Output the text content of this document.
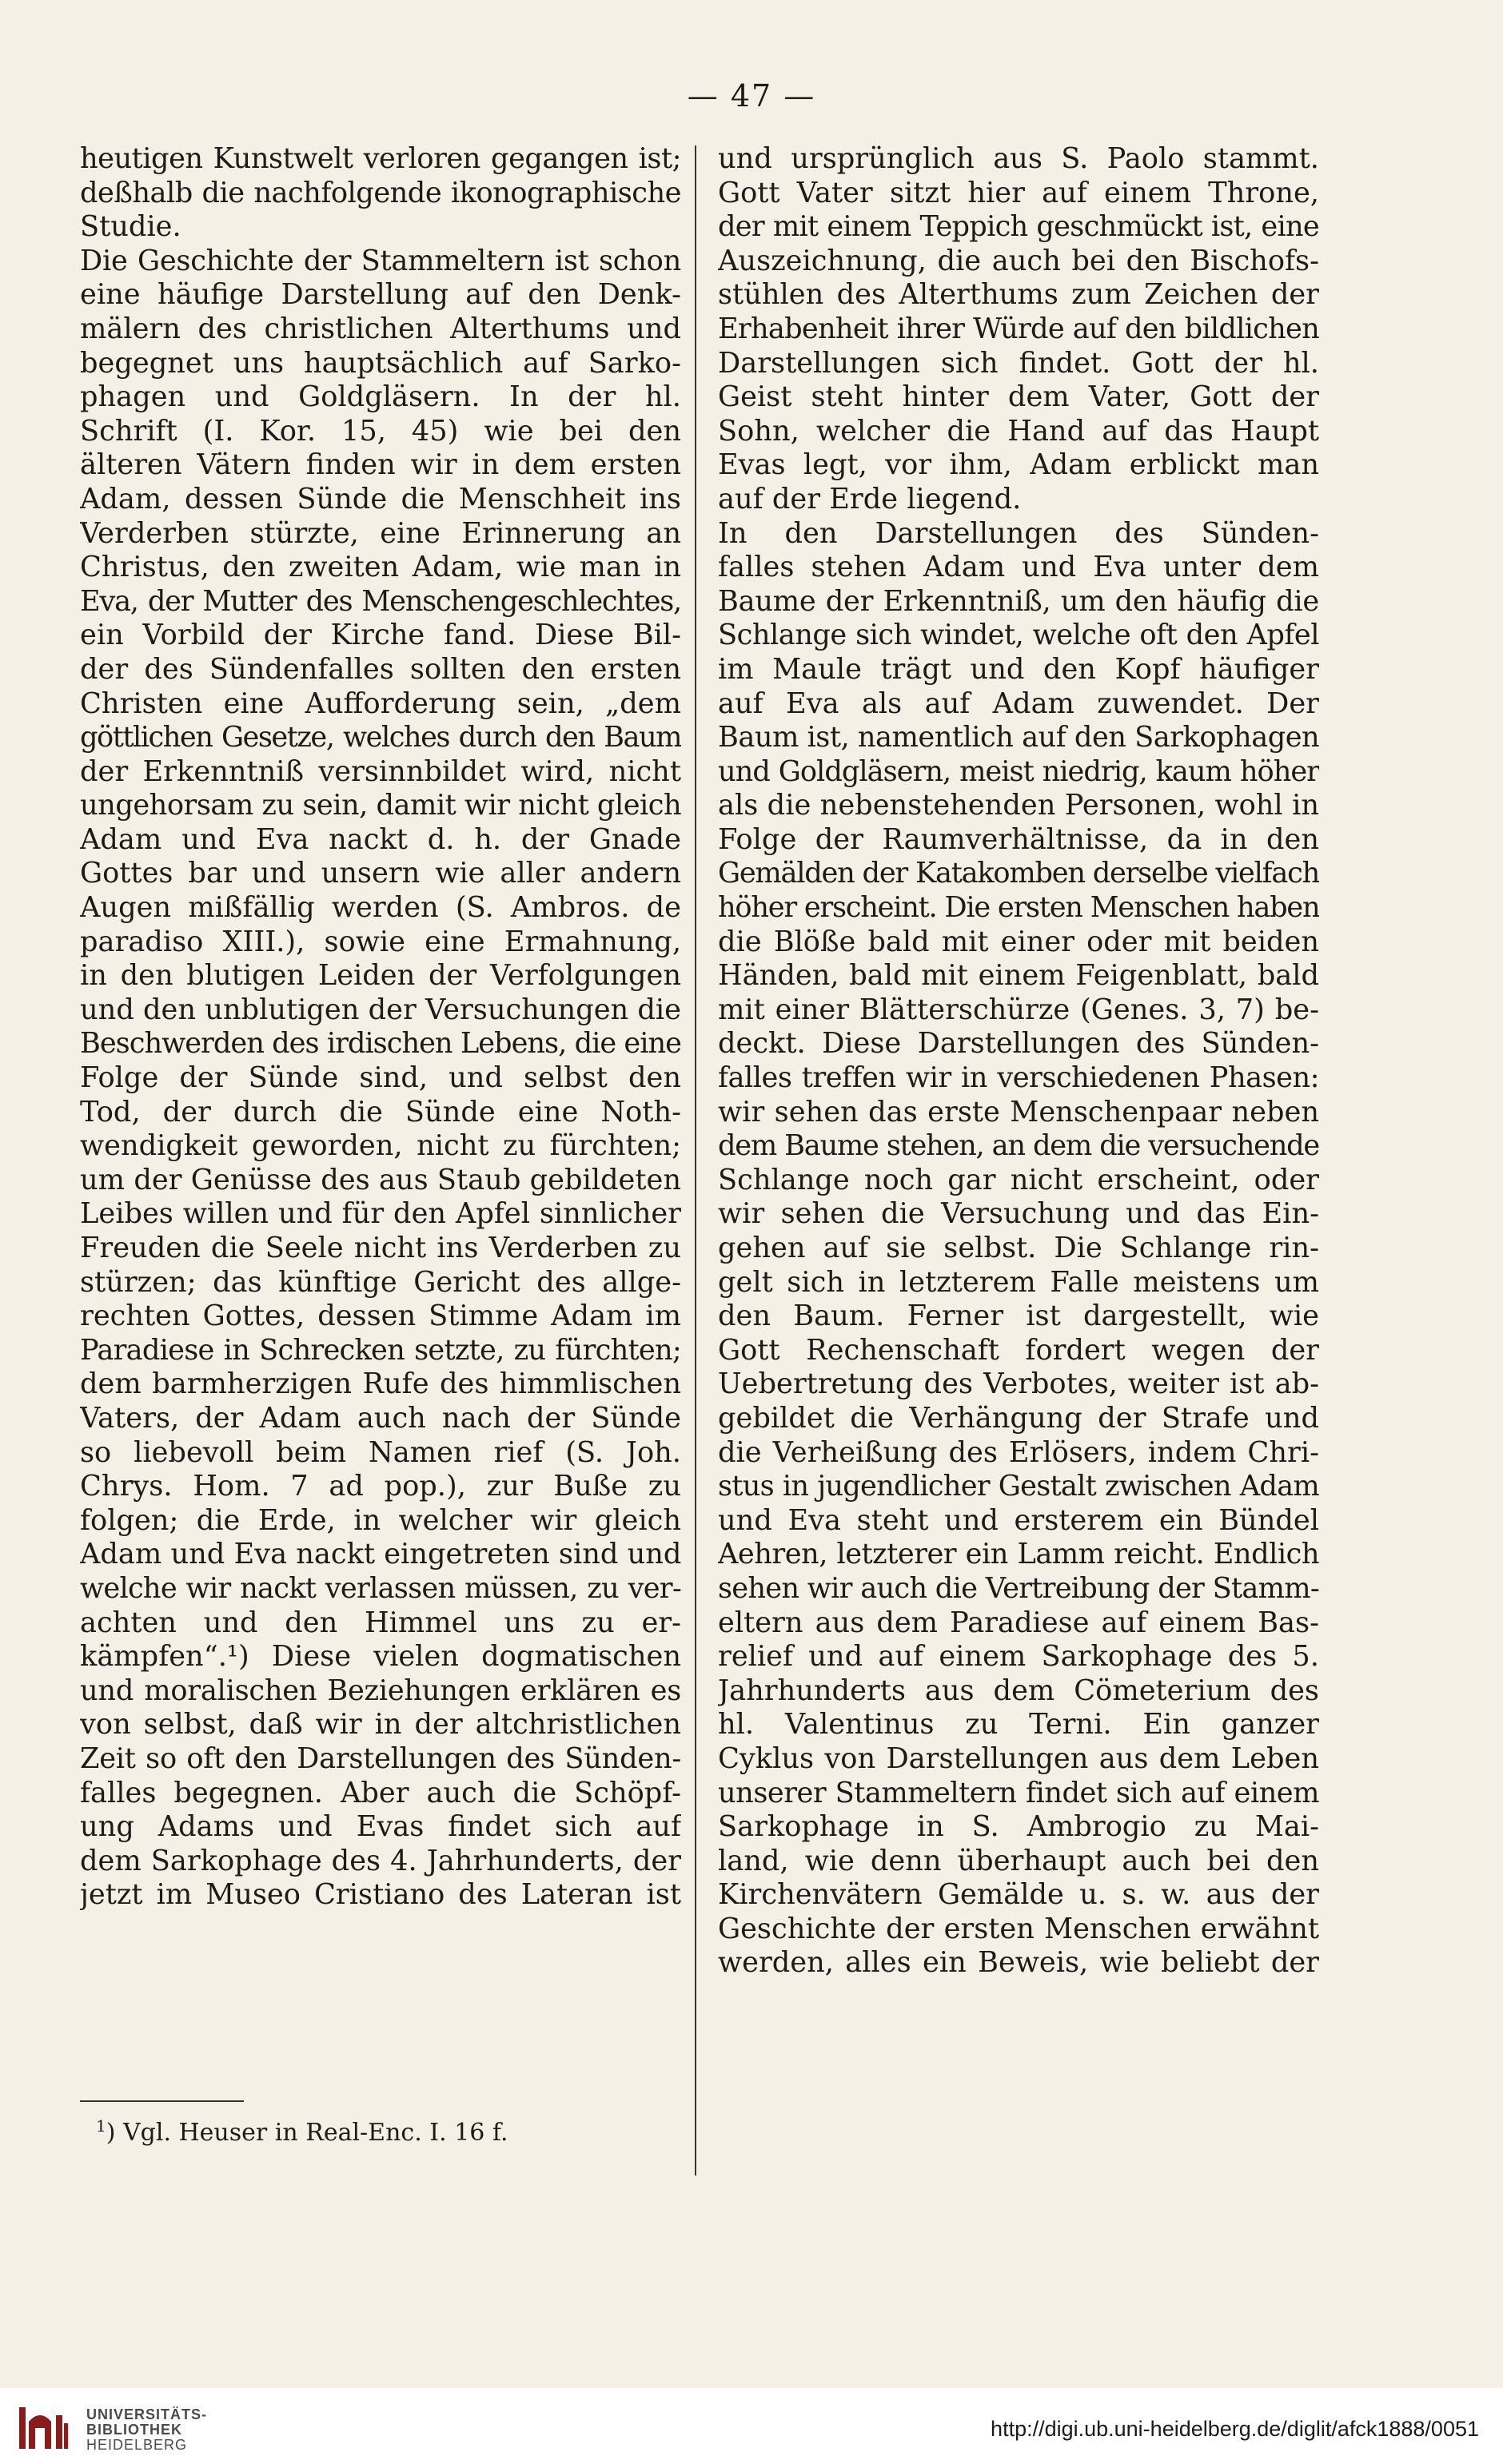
— 47 —
heutigen Kunstwelt verloren gegangen ist;
deßhalb die nachfolgende ikonographische
Studie.
Die Geschichte der Stammeltern ist schon
eine häufige Darstellung auf den Denk-
mälern des christlichen Alterthums und
begegnet uns hauptsächlich auf Sarko-
phagen und Goldgläsern. In der hl.
Schrift (I. Kor. 15, 45) wie bei den
älteren Vätern finden wir in dem ersten
Adam, dessen Sünde die Menschheit ins
Verderben stürzte, eine Erinnerung an
Christus, den zweiten Adam, wie man in
Eva, der Mutter des Menschengeschlechtes,
ein Vorbild der Kirche fand. Diese Bil-
der des Sündenfalles sollten den ersten
Christen eine Aufforderung sein, „dem
göttlichen Gesetze, welches durch den Baum
der Erkenntniß versinnbildet wird, nicht
ungehorsam zu sein, damit wir nicht gleich
Adam und Eva nackt d. h. der Gnade
Gottes bar und unsern wie aller andern
Augen mißfällig werden (S. Ambros. de
paradiso XIII.), sowie eine Ermahnung,
in den blutigen Leiden der Verfolgungen
und den unblutigen der Versuchungen die
Beschwerden des irdischen Lebens, die eine
Folge der Sünde sind, und selbst den
Tod, der durch die Sünde eine Noth-
wendigkeit geworden, nicht zu fürchten;
um der Genüsse des aus Staub gebildeten
Leibes willen und für den Apfel sinnlicher
Freuden die Seele nicht ins Verderben zu
stürzen; das künftige Gericht des allge-
rechten Gottes, dessen Stimme Adam im
Paradiese in Schrecken setzte, zu fürchten;
dem barmherzigen Rufe des himmlischen
Vaters, der Adam auch nach der Sünde
so liebevoll beim Namen rief (S. Joh.
Chrys. Hom. 7 ad pop.), zur Buße zu
folgen; die Erde, in welcher wir gleich
Adam und Eva nackt eingetreten sind und
welche wir nackt verlassen müssen, zu ver-
achten und den Himmel uns zu er-
kämpfen“.¹) Diese vielen dogmatischen
und moralischen Beziehungen erklären es
von selbst, daß wir in der altchristlichen
Zeit so oft den Darstellungen des Sünden-
falles begegnen. Aber auch die Schöpf-
ung Adams und Evas findet sich auf
dem Sarkophage des 4. Jahrhunderts, der
jetzt im Museo Cristiano des Lateran ist
und ursprünglich aus S. Paolo stammt.
Gott Vater sitzt hier auf einem Throne,
der mit einem Teppich geschmückt ist, eine
Auszeichnung, die auch bei den Bischofs-
stühlen des Alterthums zum Zeichen der
Erhabenheit ihrer Würde auf den bildlichen
Darstellungen sich findet. Gott der hl.
Geist steht hinter dem Vater, Gott der
Sohn, welcher die Hand auf das Haupt
Evas legt, vor ihm, Adam erblickt man
auf der Erde liegend.
In den Darstellungen des Sünden-
falles stehen Adam und Eva unter dem
Baume der Erkenntniß, um den häufig die
Schlange sich windet, welche oft den Apfel
im Maule trägt und den Kopf häufiger
auf Eva als auf Adam zuwendet. Der
Baum ist, namentlich auf den Sarkophagen
und Goldgläsern, meist niedrig, kaum höher
als die nebenstehenden Personen, wohl in
Folge der Raumverhältnisse, da in den
Gemälden der Katakomben derselbe vielfach
höher erscheint. Die ersten Menschen haben
die Blöße bald mit einer oder mit beiden
Händen, bald mit einem Feigenblatt, bald
mit einer Blätterschürze (Genes. 3, 7) be-
deckt. Diese Darstellungen des Sünden-
falles treffen wir in verschiedenen Phasen:
wir sehen das erste Menschenpaar neben
dem Baume stehen, an dem die versuchende
Schlange noch gar nicht erscheint, oder
wir sehen die Versuchung und das Ein-
gehen auf sie selbst. Die Schlange rin-
gelt sich in letzterem Falle meistens um
den Baum. Ferner ist dargestellt, wie
Gott Rechenschaft fordert wegen der
Uebertretung des Verbotes, weiter ist ab-
gebildet die Verhängung der Strafe und
die Verheißung des Erlösers, indem Chri-
stus in jugendlicher Gestalt zwischen Adam
und Eva steht und ersterem ein Bündel
Aehren, letzterer ein Lamm reicht. Endlich
sehen wir auch die Vertreibung der Stamm-
eltern aus dem Paradiese auf einem Bas-
relief und auf einem Sarkophage des 5.
Jahrhunderts aus dem Cömeterium des
hl. Valentinus zu Terni. Ein ganzer
Cyklus von Darstellungen aus dem Leben
unserer Stammeltern findet sich auf einem
Sarkophage in S. Ambrogio zu Mai-
land, wie denn überhaupt auch bei den
Kirchenvätern Gemälde u. s. w. aus der
Geschichte der ersten Menschen erwähnt
werden, alles ein Beweis, wie beliebt der
$^1$) Vgl. Heuser in Real-Enc. I. 16 f.
UNIVERSITÄTS-
BIBLIOTHEK
HEIDELBERG
http://digi.ub.uni-heidelberg.de/diglit/afck1888/0051
